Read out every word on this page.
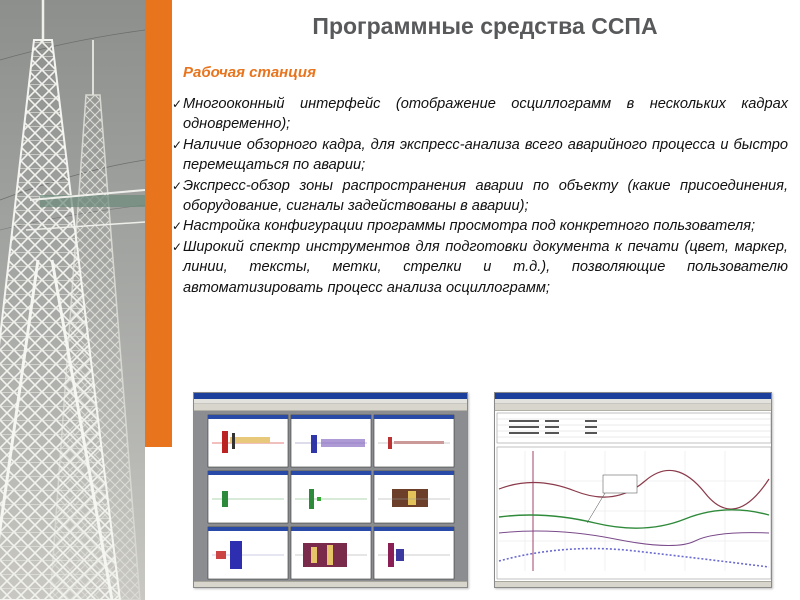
Программные средства ССПА
Рабочая станция
✓ Многооконный интерфейс (отображение осциллограмм в нескольких кадрах одновременно);
✓ Наличие обзорного кадра, для экспресс-анализа всего аварийного процесса и быстро перемещаться по аварии;
✓ Экспресс-обзор зоны распространения аварии по объекту (какие присоединения, оборудование, сигналы задействованы в аварии);
✓ Настройка конфигурации программы просмотра под конкретного пользователя;
✓ Широкий спектр инструментов для подготовки документа к печати (цвет, маркер, линии, тексты, метки, стрелки и т.д.), позволяющие пользователю автоматизировать процесс анализа осциллограмм;
